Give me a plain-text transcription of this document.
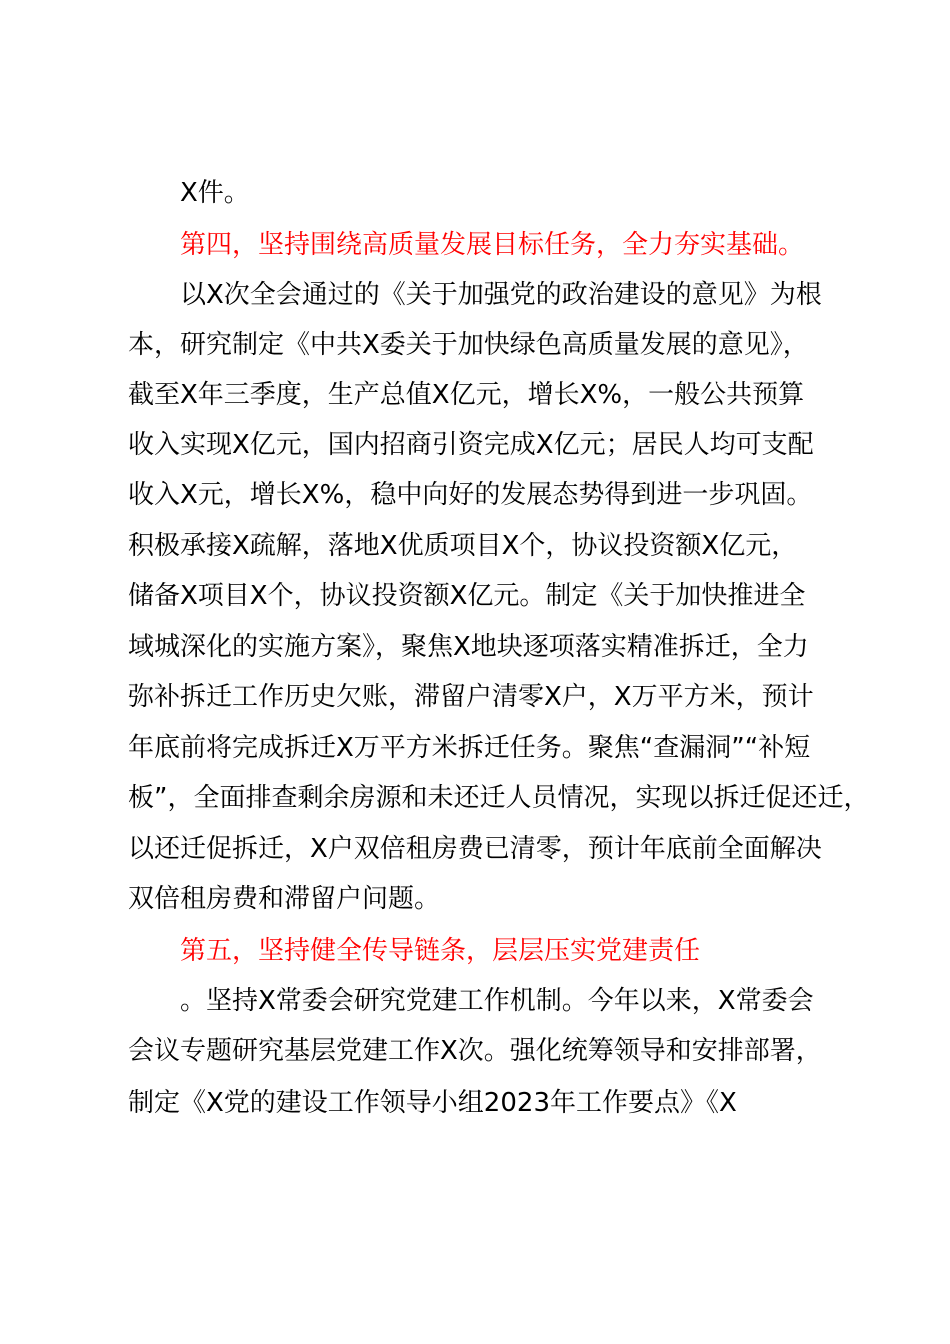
X件。
第四，坚持围绕高质量发展目标任务，全力夯实基础。
以X次全会通过的《关于加强党的政治建设的意见》为根
本，研究制定《中共X委关于加快绿色高质量发展的意见》，
截至X年三季度，生产总值X亿元，增长X%，一般公共预算
收入实现X亿元，国内招商引资完成X亿元；居民人均可支配
收入X元，增长X%，稳中向好的发展态势得到进一步巩固。
积极承接X疏解，落地X优质项目X个，协议投资额X亿元，
储备X项目X个，协议投资额X亿元。制定《关于加快推进全
域城深化的实施方案》，聚焦X地块逐项落实精准拆迁，全力
弥补拆迁工作历史欠账，滞留户清零X户，X万平方米，预计
年底前将完成拆迁X万平方米拆迁任务。聚焦“查漏洞”“补短
板”，全面排查剩余房源和未还迁人员情况，实现以拆迁促还迁，
以还迁促拆迁，X户双倍租房费已清零，预计年底前全面解决
双倍租房费和滞留户问题。
第五，坚持健全传导链条，层层压实党建责任
。坚持X常委会研究党建工作机制。今年以来，X常委会
会议专题研究基层党建工作X次。强化统筹领导和安排部署，
制定《X党的建设工作领导小组2023年工作要点》《X
